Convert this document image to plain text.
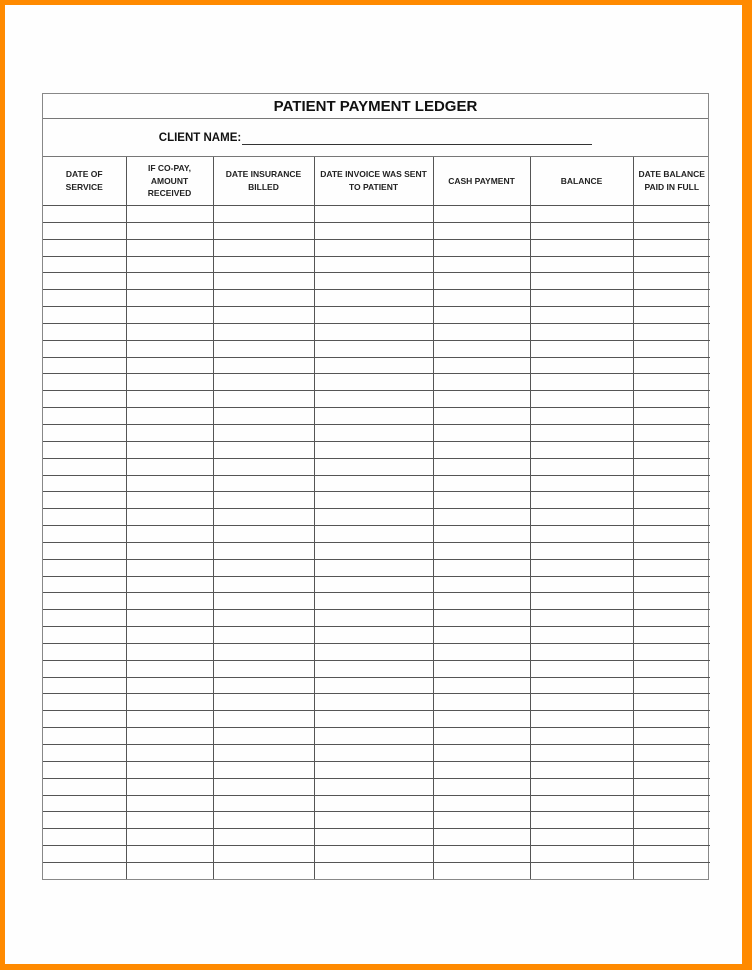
PATIENT PAYMENT LEDGER
CLIENT NAME:
DATE OF SERVICE	IF CO-PAY, AMOUNT RECEIVED	DATE INSURANCE BILLED	DATE INVOICE WAS SENT TO PATIENT	CASH PAYMENT	BALANCE	DATE BALANCE PAID IN FULL
